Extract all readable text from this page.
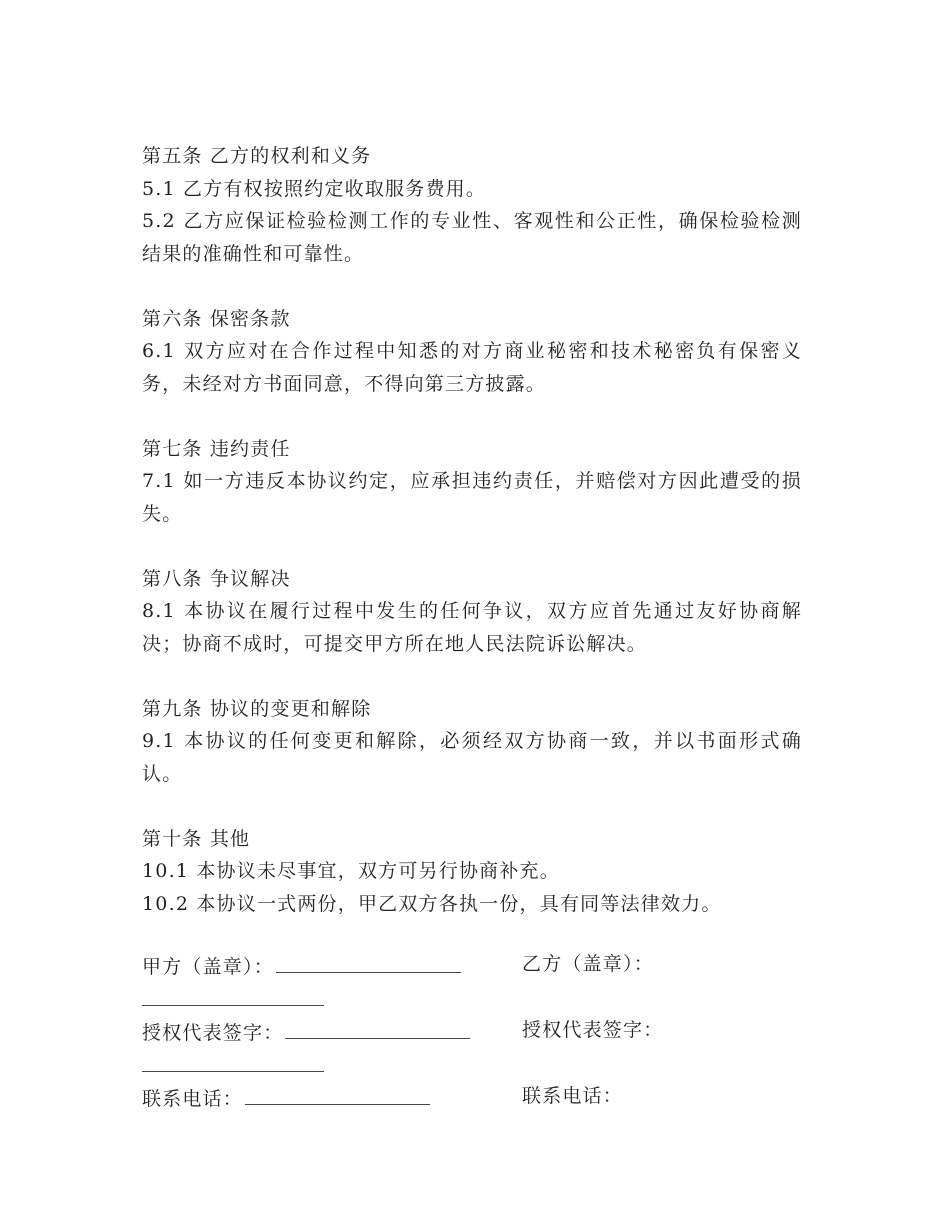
第五条 乙方的权利和义务

5.1 乙方有权按照约定收取服务费用。

5.2 乙方应保证检验检测工作的专业性、客观性和公正性，确保检验检测结果的准确性和可靠性。

第六条 保密条款

6.1 双方应对在合作过程中知悉的对方商业秘密和技术秘密负有保密义务，未经对方书面同意，不得向第三方披露。

第七条 违约责任

7.1 如一方违反本协议约定，应承担违约责任，并赔偿对方因此遭受的损失。

第八条 争议解决

8.1 本协议在履行过程中发生的任何争议，双方应首先通过友好协商解决；协商不成时，可提交甲方所在地人民法院诉讼解决。

第九条 协议的变更和解除

9.1 本协议的任何变更和解除，必须经双方协商一致，并以书面形式确认。

第十条 其他

10.1 本协议未尽事宜，双方可另行协商补充。

10.2 本协议一式两份，甲乙双方各执一份，具有同等法律效力。

甲方（盖章）：	乙方（盖章）：
授权代表签字：	授权代表签字：
联系电话：	联系电话：
